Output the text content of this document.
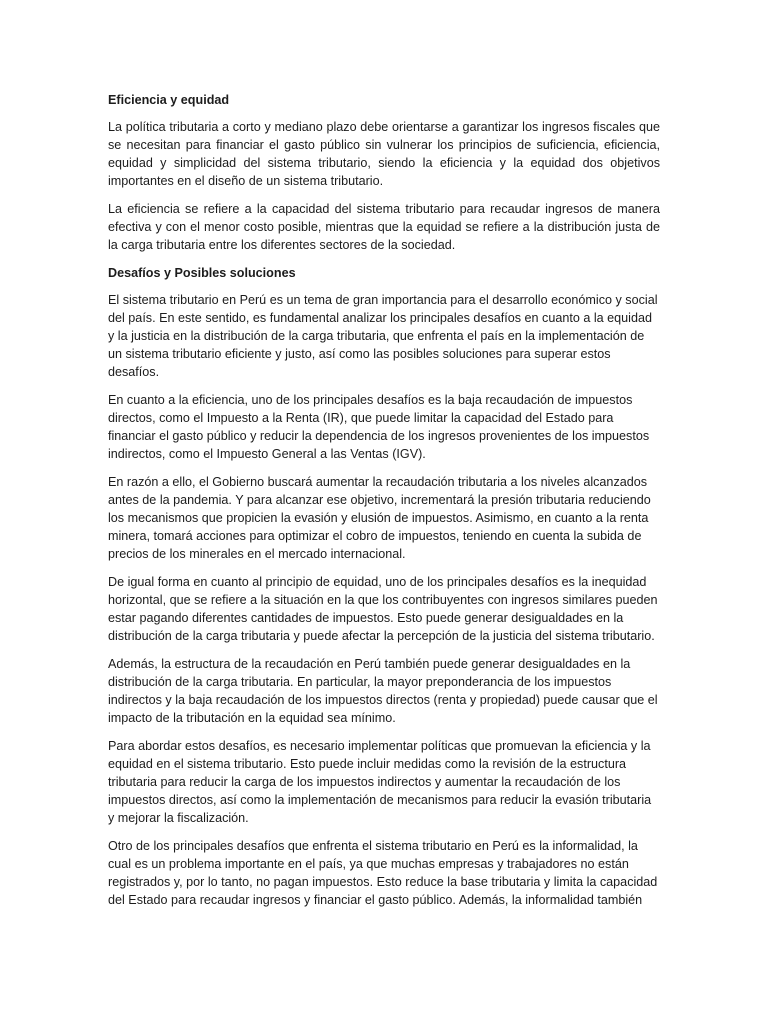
Eficiencia y equidad

La política tributaria a corto y mediano plazo debe orientarse a garantizar los ingresos fiscales que se necesitan para financiar el gasto público sin vulnerar los principios de suficiencia, eficiencia, equidad y simplicidad del sistema tributario, siendo la eficiencia y la equidad dos objetivos importantes en el diseño de un sistema tributario.

La eficiencia se refiere a la capacidad del sistema tributario para recaudar ingresos de manera efectiva y con el menor costo posible, mientras que la equidad se refiere a la distribución justa de la carga tributaria entre los diferentes sectores de la sociedad.

Desafíos y Posibles soluciones

El sistema tributario en Perú es un tema de gran importancia para el desarrollo económico y social del país. En este sentido, es fundamental analizar los principales desafíos en cuanto a la equidad y la justicia en la distribución de la carga tributaria, que enfrenta el país en la implementación de un sistema tributario eficiente y justo, así como las posibles soluciones para superar estos desafíos.

En cuanto a la eficiencia, uno de los principales desafíos es la baja recaudación de impuestos directos, como el Impuesto a la Renta (IR), que puede limitar la capacidad del Estado para financiar el gasto público y reducir la dependencia de los ingresos provenientes de los impuestos indirectos, como el Impuesto General a las Ventas (IGV).

En razón a ello, el Gobierno buscará aumentar la recaudación tributaria a los niveles alcanzados antes de la pandemia. Y para alcanzar ese objetivo, incrementará la presión tributaria reduciendo los mecanismos que propicien la evasión y elusión de impuestos. Asimismo, en cuanto a la renta minera, tomará acciones para optimizar el cobro de impuestos, teniendo en cuenta la subida de precios de los minerales en el mercado internacional.

De igual forma en cuanto al principio de equidad, uno de los principales desafíos es la inequidad horizontal, que se refiere a la situación en la que los contribuyentes con ingresos similares pueden estar pagando diferentes cantidades de impuestos. Esto puede generar desigualdades en la distribución de la carga tributaria y puede afectar la percepción de la justicia del sistema tributario.

Además, la estructura de la recaudación en Perú también puede generar desigualdades en la distribución de la carga tributaria. En particular, la mayor preponderancia de los impuestos indirectos y la baja recaudación de los impuestos directos (renta y propiedad) puede causar que el impacto de la tributación en la equidad sea mínimo.

Para abordar estos desafíos, es necesario implementar políticas que promuevan la eficiencia y la equidad en el sistema tributario. Esto puede incluir medidas como la revisión de la estructura tributaria para reducir la carga de los impuestos indirectos y aumentar la recaudación de los impuestos directos, así como la implementación de mecanismos para reducir la evasión tributaria y mejorar la fiscalización.

Otro de los principales desafíos que enfrenta el sistema tributario en Perú es la informalidad, la cual es un problema importante en el país, ya que muchas empresas y trabajadores no están registrados y, por lo tanto, no pagan impuestos. Esto reduce la base tributaria y limita la capacidad del Estado para recaudar ingresos y financiar el gasto público. Además, la informalidad también
